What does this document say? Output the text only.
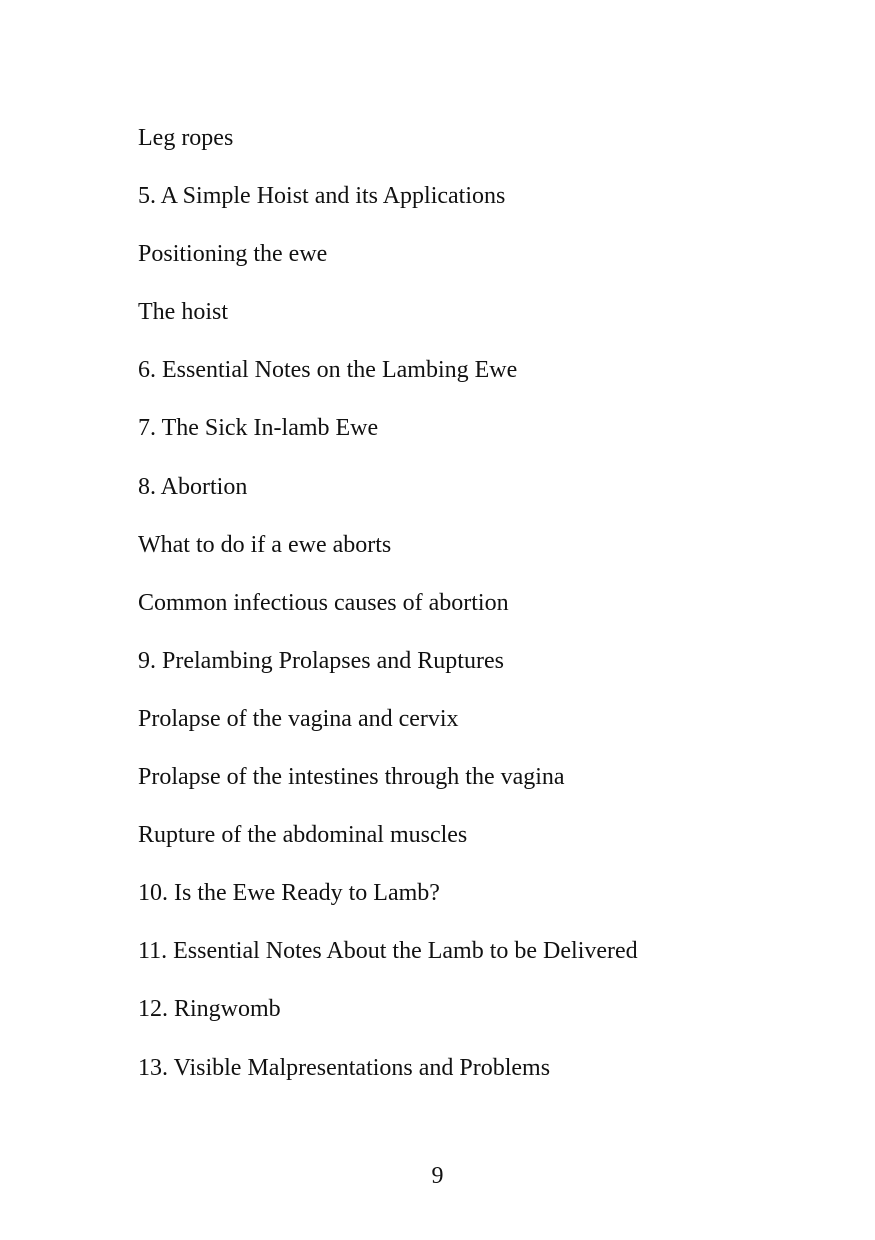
Leg ropes
5. A Simple Hoist and its Applications
Positioning the ewe
The hoist
6. Essential Notes on the Lambing Ewe
7. The Sick In-lamb Ewe
8. Abortion
What to do if a ewe aborts
Common infectious causes of abortion
9. Prelambing Prolapses and Ruptures
Prolapse of the vagina and cervix
Prolapse of the intestines through the vagina
Rupture of the abdominal muscles
10. Is the Ewe Ready to Lamb?
11. Essential Notes About the Lamb to be Delivered
12. Ringwomb
13. Visible Malpresentations and Problems
9
